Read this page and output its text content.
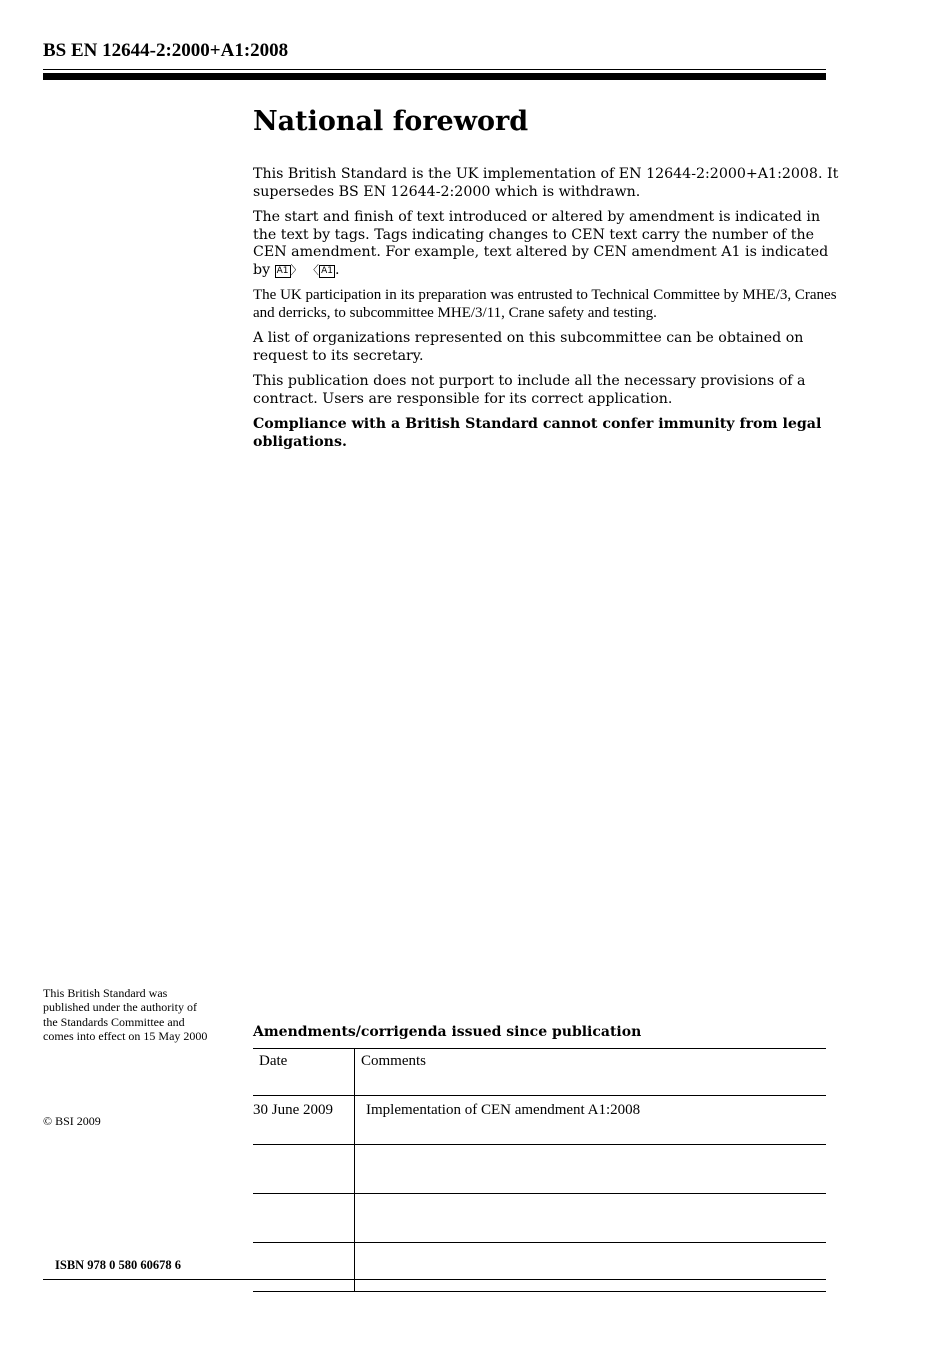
BS EN 12644-2:2000+A1:2008
National foreword

This British Standard is the UK implementation of EN 12644-2:2000+A1:2008. It supersedes BS EN 12644-2:2000 which is withdrawn.

The start and finish of text introduced or altered by amendment is indicated in the text by tags. Tags indicating changes to CEN text carry the number of the CEN amendment. For example, text altered by CEN amendment A1 is indicated by A1 〉 〈 A1 .

The UK participation in its preparation was entrusted to Technical Committee by MHE/3, Cranes and derricks, to subcommittee MHE/3/11, Crane safety and testing.

A list of organizations represented on this subcommittee can be obtained on request to its secretary.

This publication does not purport to include all the necessary provisions of a contract. Users are responsible for its correct application.

Compliance with a British Standard cannot confer immunity from legal obligations.

This British Standard was published under the authority of the Standards Committee and comes into effect on 15 May 2000
© BSI 2009
ISBN 978 0 580 60678 6
Amendments/corrigenda issued since publication
Date	Comments
30 June 2009	Implementation of CEN amendment A1:2008
